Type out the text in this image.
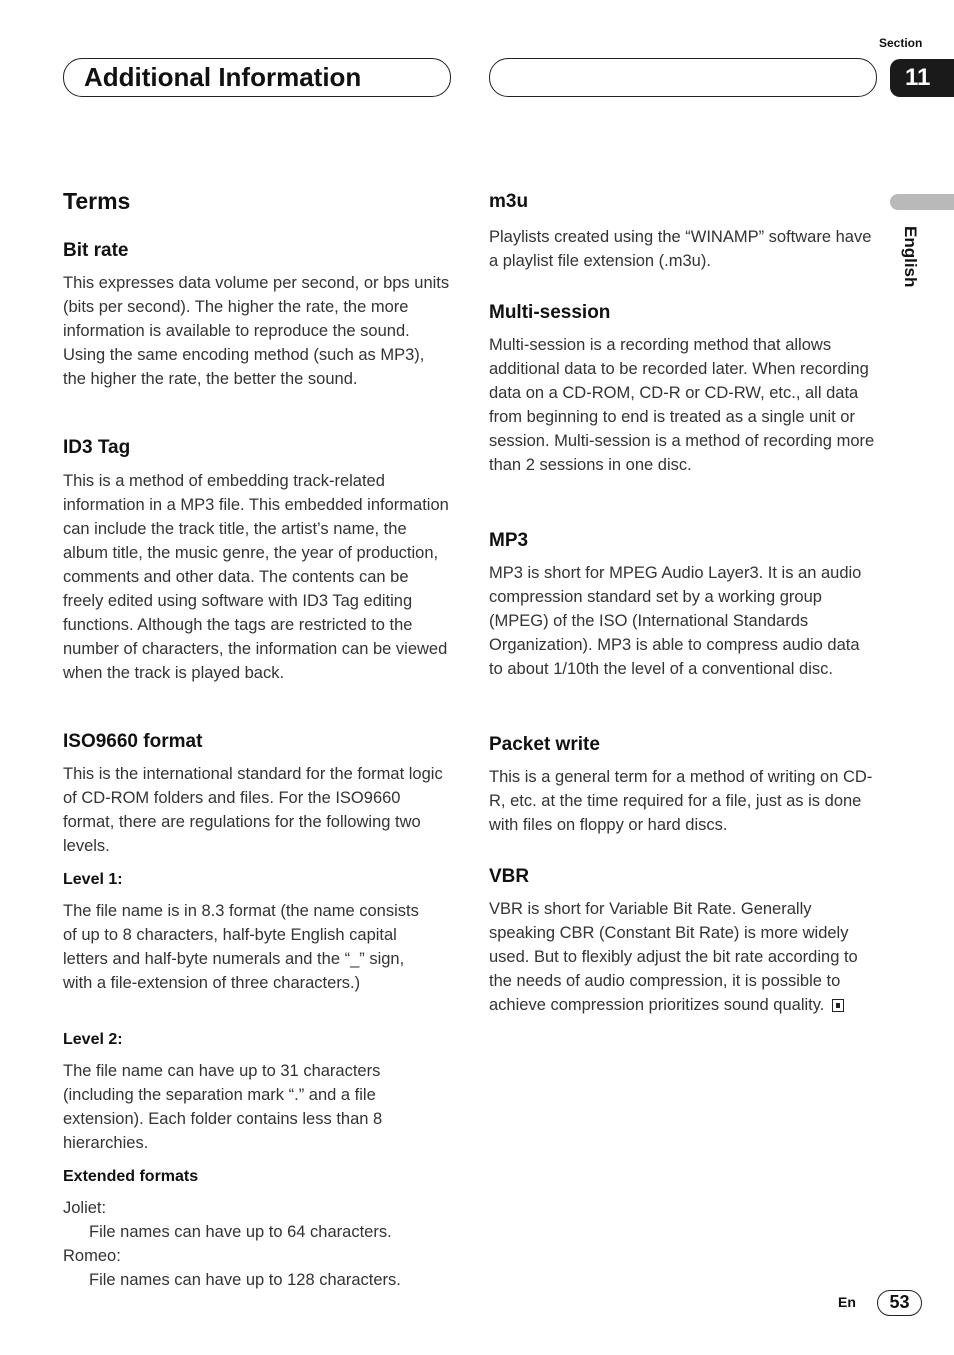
Additional Information
Section
11
English
Terms
Bit rate

This expresses data volume per second, or bps units (bits per second). The higher the rate, the more information is available to reproduce the sound. Using the same encoding method (such as MP3), the higher the rate, the better the sound.

ID3 Tag

This is a method of embedding track-related information in a MP3 file. This embedded information can include the track title, the artist’s name, the album title, the music genre, the year of production, comments and other data. The contents can be freely edited using software with ID3 Tag editing functions. Although the tags are restricted to the number of characters, the information can be viewed when the track is played back.

ISO9660 format

This is the international standard for the format logic of CD-ROM folders and files. For the ISO9660 format, there are regulations for the following two levels.

Level 1:

The file name is in 8.3 format (the name consists of up to 8 characters, half-byte English capital letters and half-byte numerals and the “_” sign, with a file-extension of three characters.)

Level 2:

The file name can have up to 31 characters (including the separation mark “.” and a file extension). Each folder contains less than 8 hierarchies.

Extended formats
Joliet:
File names can have up to 64 characters.
Romeo:
File names can have up to 128 characters.
m3u

Playlists created using the “WINAMP” software have a playlist file extension (.m3u).

Multi-session

Multi-session is a recording method that allows additional data to be recorded later. When recording data on a CD-ROM, CD-R or CD-RW, etc., all data from beginning to end is treated as a single unit or session. Multi-session is a method of recording more than 2 sessions in one disc.

MP3

MP3 is short for MPEG Audio Layer3. It is an audio compression standard set by a working group (MPEG) of the ISO (International Standards Organization). MP3 is able to compress audio data to about 1/10th the level of a conventional disc.

Packet write

This is a general term for a method of writing on CD-R, etc. at the time required for a file, just as is done with files on floppy or hard discs.

VBR

VBR is short for Variable Bit Rate. Generally speaking CBR (Constant Bit Rate) is more widely used. But to flexibly adjust the bit rate according to the needs of audio compression, it is possible to achieve compression prioritizes sound quality.

En	53
